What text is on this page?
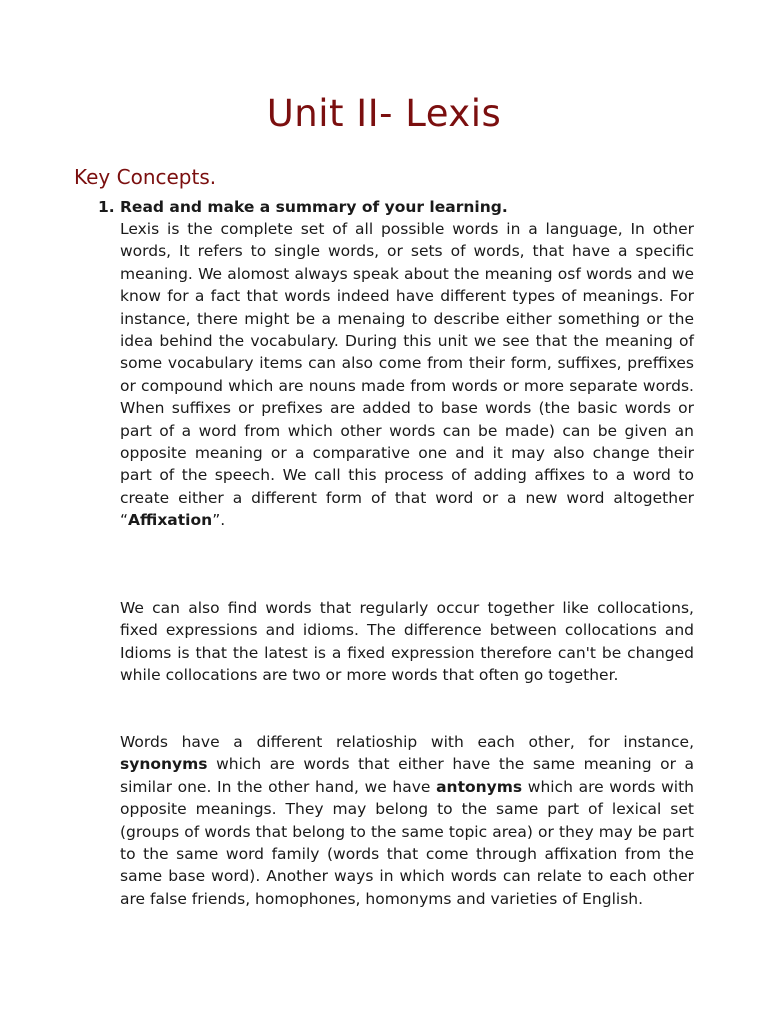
Unit II- Lexis
Key Concepts.
1. Read and make a summary of your learning.

Lexis is the complete set of all possible words in a language, In other words, It refers to single words, or sets of words, that have a specific meaning. We alomost always speak about the meaning osf words and we know for a fact that words indeed have different types of meanings. For instance, there might be a menaing to describe either something or the idea behind the vocabulary. During this unit we see that the meaning of some vocabulary items can also come from their form, suffixes, preffixes or compound which are nouns made from words or more separate words. When suffixes or prefixes are added to base words (the basic words or part of a word from which other words can be made) can be given an opposite meaning or a comparative one and it may also change their part of the speech. We call this process of adding affixes to a word to create either a different form of that word or a new word altogether “Affixation”.

We can also find words that regularly occur together like collocations, fixed expressions and idioms. The difference between collocations and Idioms is that the latest is a fixed expression therefore can't be changed while collocations are two or more words that often go together.

Words have a different relatioship with each other, for instance, synonyms which are words that either have the same meaning or a similar one. In the other hand, we have antonyms which are words with opposite meanings. They may belong to the same part of lexical set (groups of words that belong to the same topic area) or they may be part to the same word family (words that come through affixation from the same base word). Another ways in which words can relate to each other are false friends, homophones, homonyms and varieties of English.
